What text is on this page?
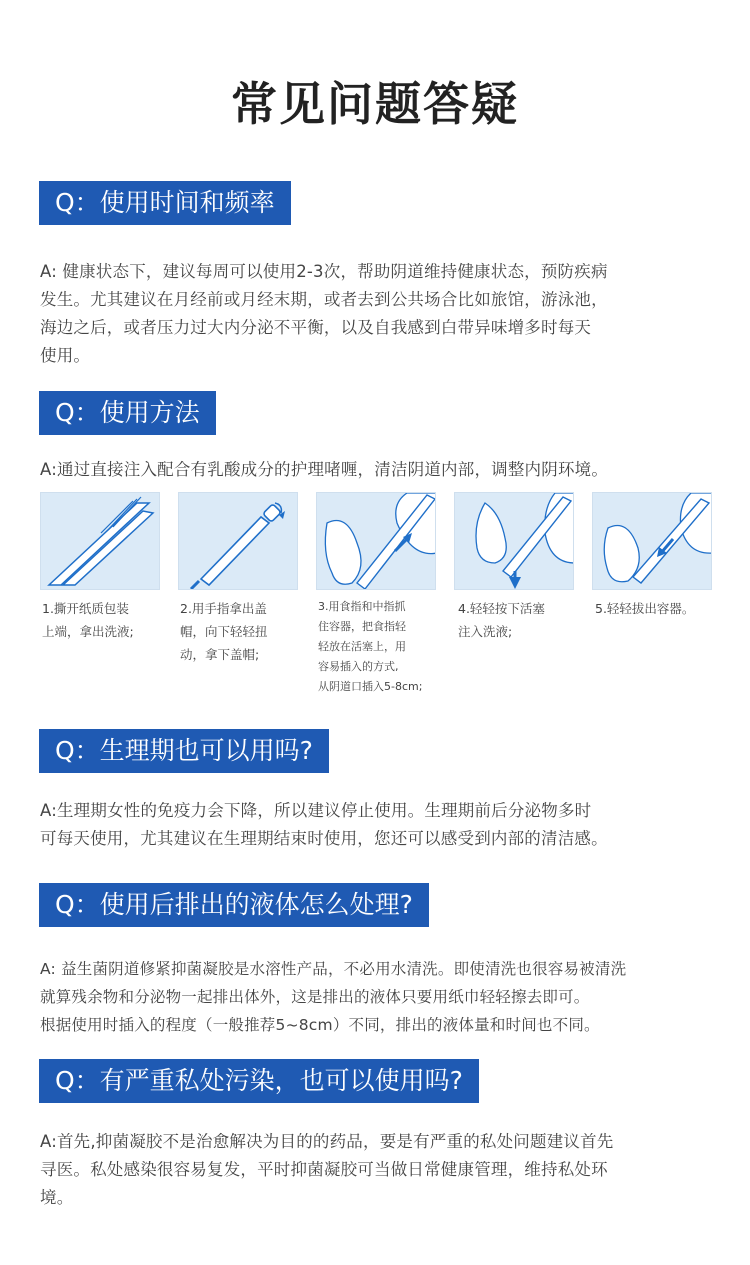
常见问题答疑
Q：使用时间和频率

A: 健康状态下，建议每周可以使用2-3次，帮助阴道维持健康状态，预防疾病

发生。尤其建议在月经前或月经末期，或者去到公共场合比如旅馆，游泳池，

海边之后，或者压力过大内分泌不平衡，以及自我感到白带异味增多时每天

使用。

Q：使用方法

A:通过直接注入配合有乳酸成分的护理啫喱，清洁阴道内部，调整内阴环境。

1.撕开纸质包装
上端，拿出洗液;
2.用手指拿出盖
帽，向下轻轻扭
动，拿下盖帽;
3.用食指和中指抓
住容器，把食指轻
轻放在活塞上，用
容易插入的方式,
从阴道口插入5-8cm;
4.轻轻按下活塞
注入洗液;
5.轻轻拔出容器。
Q：生理期也可以用吗?

A:生理期女性的免疫力会下降，所以建议停止使用。生理期前后分泌物多时

可每天使用，尤其建议在生理期结束时使用，您还可以感受到内部的清洁感。

Q：使用后排出的液体怎么处理?

A: 益生菌阴道修紧抑菌凝胶是水溶性产品，不必用水清洗。即使清洗也很容易被清洗

就算残余物和分泌物一起排出体外，这是排出的液体只要用纸巾轻轻擦去即可。

根据使用时插入的程度（一般推荐5~8cm）不同，排出的液体量和时间也不同。

Q：有严重私处污染，也可以使用吗?

A:首先,抑菌凝胶不是治愈解决为目的的药品，要是有严重的私处问题建议首先

寻医。私处感染很容易复发，平时抑菌凝胶可当做日常健康管理，维持私处环

境。
